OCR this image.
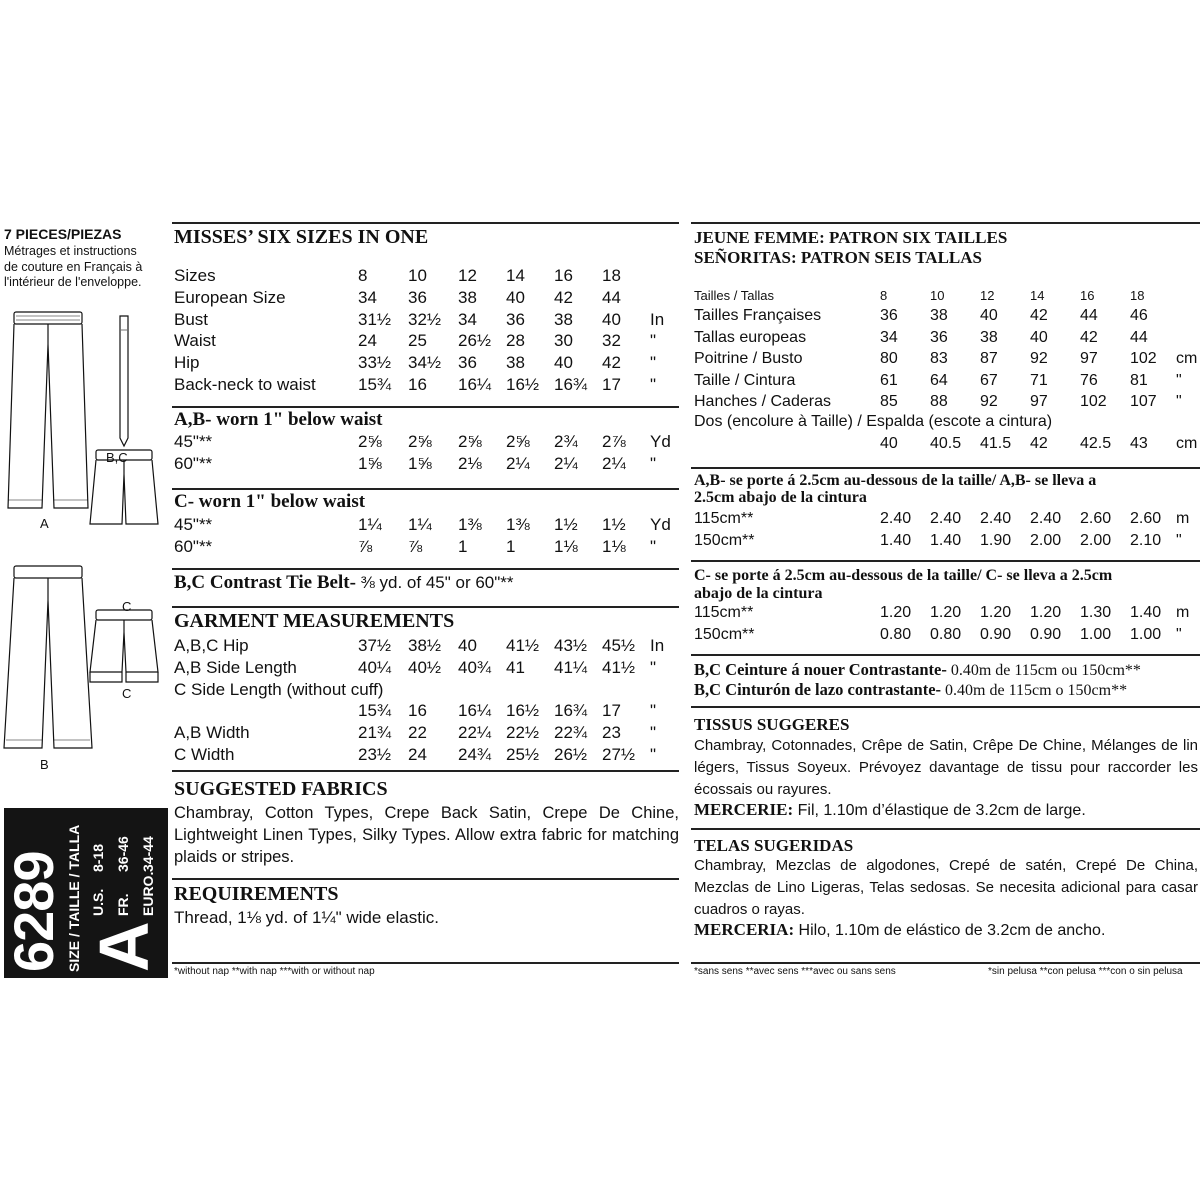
7 PIECES/PIEZAS
Métrages et instructions
de couture en Français à
l'intérieur de l'enveloppe.
A
B,C
C
C
B
6289 SIZE / TAILLE / TALLA A
U.S.8-18
FR.36-46
EURO.34-44
MISSES’ SIX SIZES IN ONE
Sizes	8	10	12	14	16	18	
European Size	34	36	38	40	42	44	
Bust	31½	32½	34	36	38	40	In
Waist	24	25	26½	28	30	32	"
Hip	33½	34½	36	38	40	42	"
Back-neck to waist	15¾	16	16¼	16½	16¾	17	"
A,B- worn 1" below waist
45"**	2⅝	2⅝	2⅝	2⅝	2¾	2⅞	Yd
60"**	1⅝	1⅝	2⅛	2¼	2¼	2¼	"
C- worn 1" below waist
45"**	1¼	1¼	1⅜	1⅜	1½	1½	Yd
60"**	⅞	⅞	1	1	1⅛	1⅛	"
B,C Contrast Tie Belt- ⅜ yd. of 45" or 60"**
GARMENT MEASUREMENTS
A,B,C Hip	37½	38½	40	41½	43½	45½	In
A,B Side Length	40¼	40½	40¾	41	41¼	41½	"
C Side Length (without cuff)							
	15¾	16	16¼	16½	16¾	17	"
A,B Width	21¾	22	22¼	22½	22¾	23	"
C Width	23½	24	24¾	25½	26½	27½	"
SUGGESTED FABRICS
Chambray, Cotton Types, Crepe Back Satin, Crepe De Chine, Lightweight Linen Types, Silky Types. Allow extra fabric for matching plaids or stripes.
REQUIREMENTS
Thread, 1⅛ yd. of 1¼" wide elastic.
*without nap **with nap ***with or without nap
JEUNE FEMME: PATRON SIX TAILLES
SEÑORITAS: PATRON SEIS TALLAS
Tailles / Tallas	8	10	12	14	16	18	
Tailles Françaises	36	38	40	42	44	46	
Tallas europeas	34	36	38	40	42	44	
Poitrine / Busto	80	83	87	92	97	102	cm
Taille / Cintura	61	64	67	71	76	81	"
Hanches / Caderas	85	88	92	97	102	107	"
Dos (encolure à Taille) / Espalda (escote a cintura)
	40	40.5	41.5	42	42.5	43	cm
A,B- se porte á 2.5cm au-dessous de la taille/ A,B- se lleva a
2.5cm abajo de la cintura
115cm**	2.40	2.40	2.40	2.40	2.60	2.60	m
150cm**	1.40	1.40	1.90	2.00	2.00	2.10	"
C- se porte á 2.5cm au-dessous de la taille/ C- se lleva a 2.5cm
abajo de la cintura
115cm**	1.20	1.20	1.20	1.20	1.30	1.40	m
150cm**	0.80	0.80	0.90	0.90	1.00	1.00	"
B,C Ceinture á nouer Contrastante- 0.40m de 115cm ou 150cm**
B,C Cinturón de lazo contrastante- 0.40m de 115cm o 150cm**
TISSUS SUGGERES
Chambray, Cotonnades, Crêpe de Satin, Crêpe De Chine, Mélanges de lin légers, Tissus Soyeux. Prévoyez davantage de tissu pour raccorder les écossais ou rayures.
MERCERIE: Fil, 1.10m d’élastique de 3.2cm de large.
TELAS SUGERIDAS
Chambray, Mezclas de algodones, Crepé de satén, Crepé De China, Mezclas de Lino Ligeras, Telas sedosas. Se necesita adicional para casar cuadros o rayas.
MERCERIA: Hilo, 1.10m de elástico de 3.2cm de ancho.
*sans sens **avec sens ***avec ou sans sens	*sin pelusa **con pelusa ***con o sin pelusa
